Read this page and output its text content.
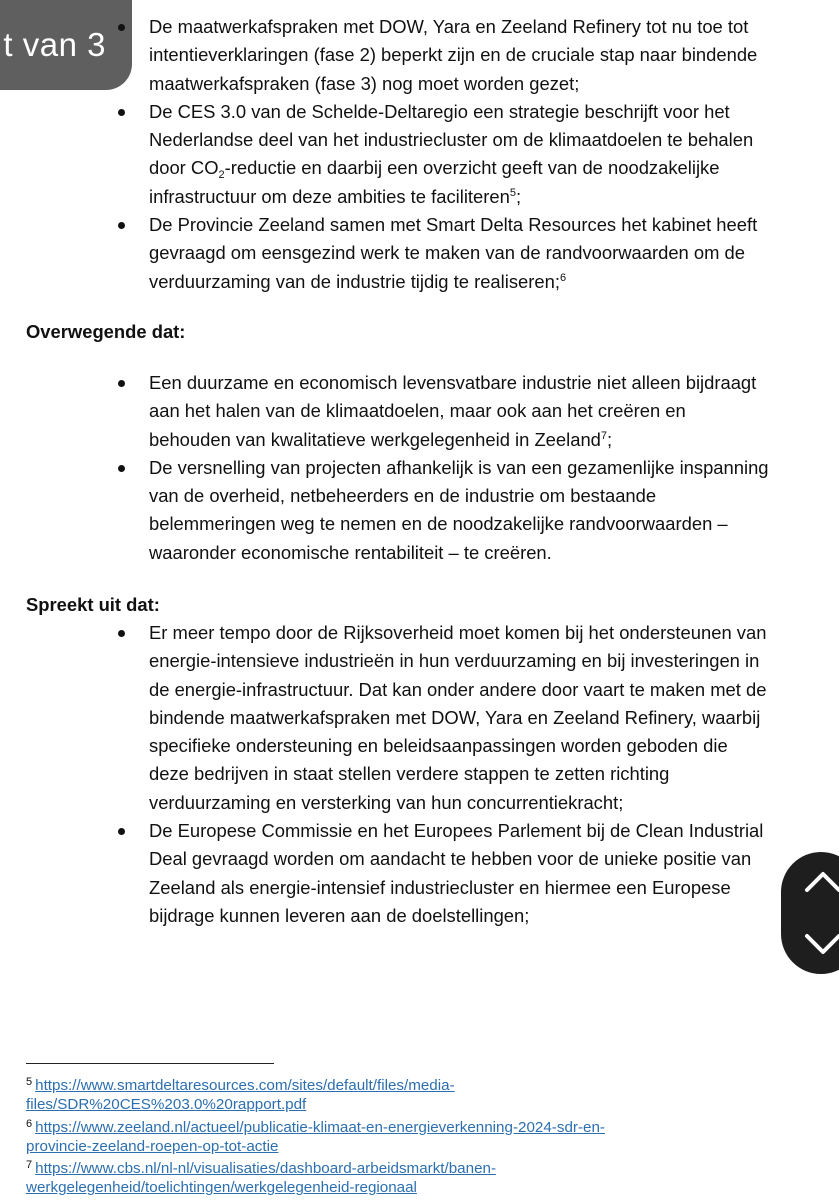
t van 3	De maatwerkafspraken met DOW, Yara en Zeeland Refinery tot nu toe tot intentieverklaringen (fase 2) beperkt zijn en de cruciale stap naar bindende maatwerkafspraken (fase 3) nog moet worden gezet;
De CES 3.0 van de Schelde-Deltaregio een strategie beschrijft voor het Nederlandse deel van het industriecluster om de klimaatdoelen te behalen door $CO_2$-reductie en daarbij een overzicht geeft van de noodzakelijke infrastructuur om deze ambities te faciliteren$^5$;
De Provincie Zeeland samen met Smart Delta Resources het kabinet heeft gevraagd om eensgezind werk te maken van de randvoorwaarden om de verduurzaming van de industrie tijdig te realiseren;$^6$
Overwegende dat:
Een duurzame en economisch levensvatbare industrie niet alleen bijdraagt aan het halen van de klimaatdoelen, maar ook aan het creëren en behouden van kwalitatieve werkgelegenheid in Zeeland$^7$;
De versnelling van projecten afhankelijk is van een gezamenlijke inspanning van de overheid, netbeheerders en de industrie om bestaande belemmeringen weg te nemen en de noodzakelijke randvoorwaarden – waaronder economische rentabiliteit – te creëren.
Spreekt uit dat:
Er meer tempo door de Rijksoverheid moet komen bij het ondersteunen van energie-intensieve industrieën in hun verduurzaming en bij investeringen in de energie-infrastructuur. Dat kan onder andere door vaart te maken met de bindende maatwerkafspraken met DOW, Yara en Zeeland Refinery, waarbij specifieke ondersteuning en beleidsaanpassingen worden geboden die deze bedrijven in staat stellen verdere stappen te zetten richting verduurzaming en versterking van hun concurrentiekracht;
De Europese Commissie en het Europees Parlement bij de Clean Industrial Deal gevraagd worden om aandacht te hebben voor de unieke positie van Zeeland als energie-intensief industriecluster en hiermee een Europese bijdrage kunnen leveren aan de doelstellingen;

$^5$ https://www.smartdeltaresources.com/sites/default/files/media-
files/SDR%20CES%203.0%20rapport.pdf

$^6$ https://www.zeeland.nl/actueel/publicatie-klimaat-en-energieverkenning-2024-sdr-en-
provincie-zeeland-roepen-op-tot-actie

$^7$ https://www.cbs.nl/nl-nl/visualisaties/dashboard-arbeidsmarkt/banen-
werkgelegenheid/toelichtingen/werkgelegenheid-regionaal
